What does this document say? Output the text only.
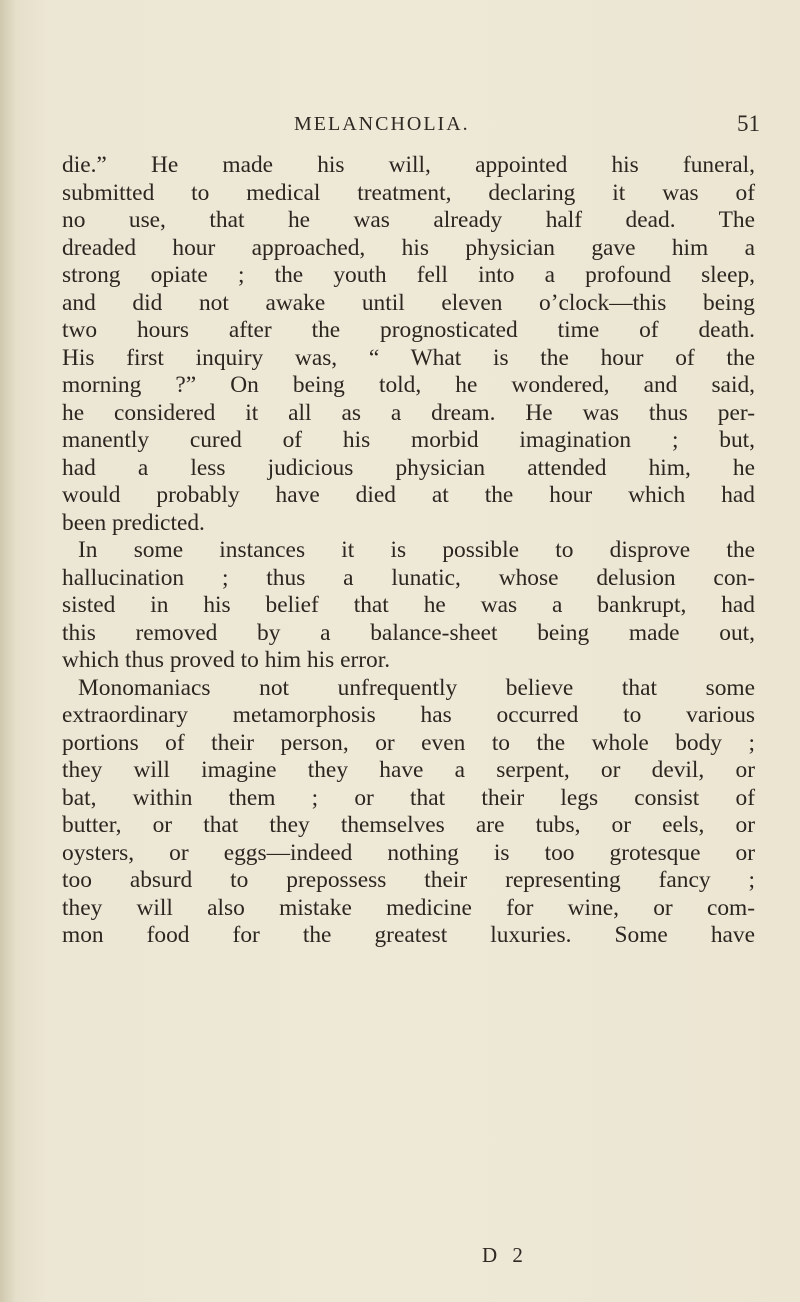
MELANCHOLIA.	51
die.” He made his will, appointed his funeral,
submitted to medical treatment, declaring it was of
no use, that he was already half dead. The
dreaded hour approached, his physician gave him a
strong opiate ; the youth fell into a profound sleep,
and did not awake until eleven o’clock—this being
two hours after the prognosticated time of death.
His first inquiry was, “ What is the hour of the
morning ?” On being told, he wondered, and said,
he considered it all as a dream. He was thus per-
manently cured of his morbid imagination ; but,
had a less judicious physician attended him, he
would probably have died at the hour which had
been predicted.
In some instances it is possible to disprove the
hallucination ; thus a lunatic, whose delusion con-
sisted in his belief that he was a bankrupt, had
this removed by a balance-sheet being made out,
which thus proved to him his error.
Monomaniacs not unfrequently believe that some
extraordinary metamorphosis has occurred to various
portions of their person, or even to the whole body ;
they will imagine they have a serpent, or devil, or
bat, within them ; or that their legs consist of
butter, or that they themselves are tubs, or eels, or
oysters, or eggs—indeed nothing is too grotesque or
too absurd to prepossess their representing fancy ;
they will also mistake medicine for wine, or com-
mon food for the greatest luxuries. Some have
D 2
